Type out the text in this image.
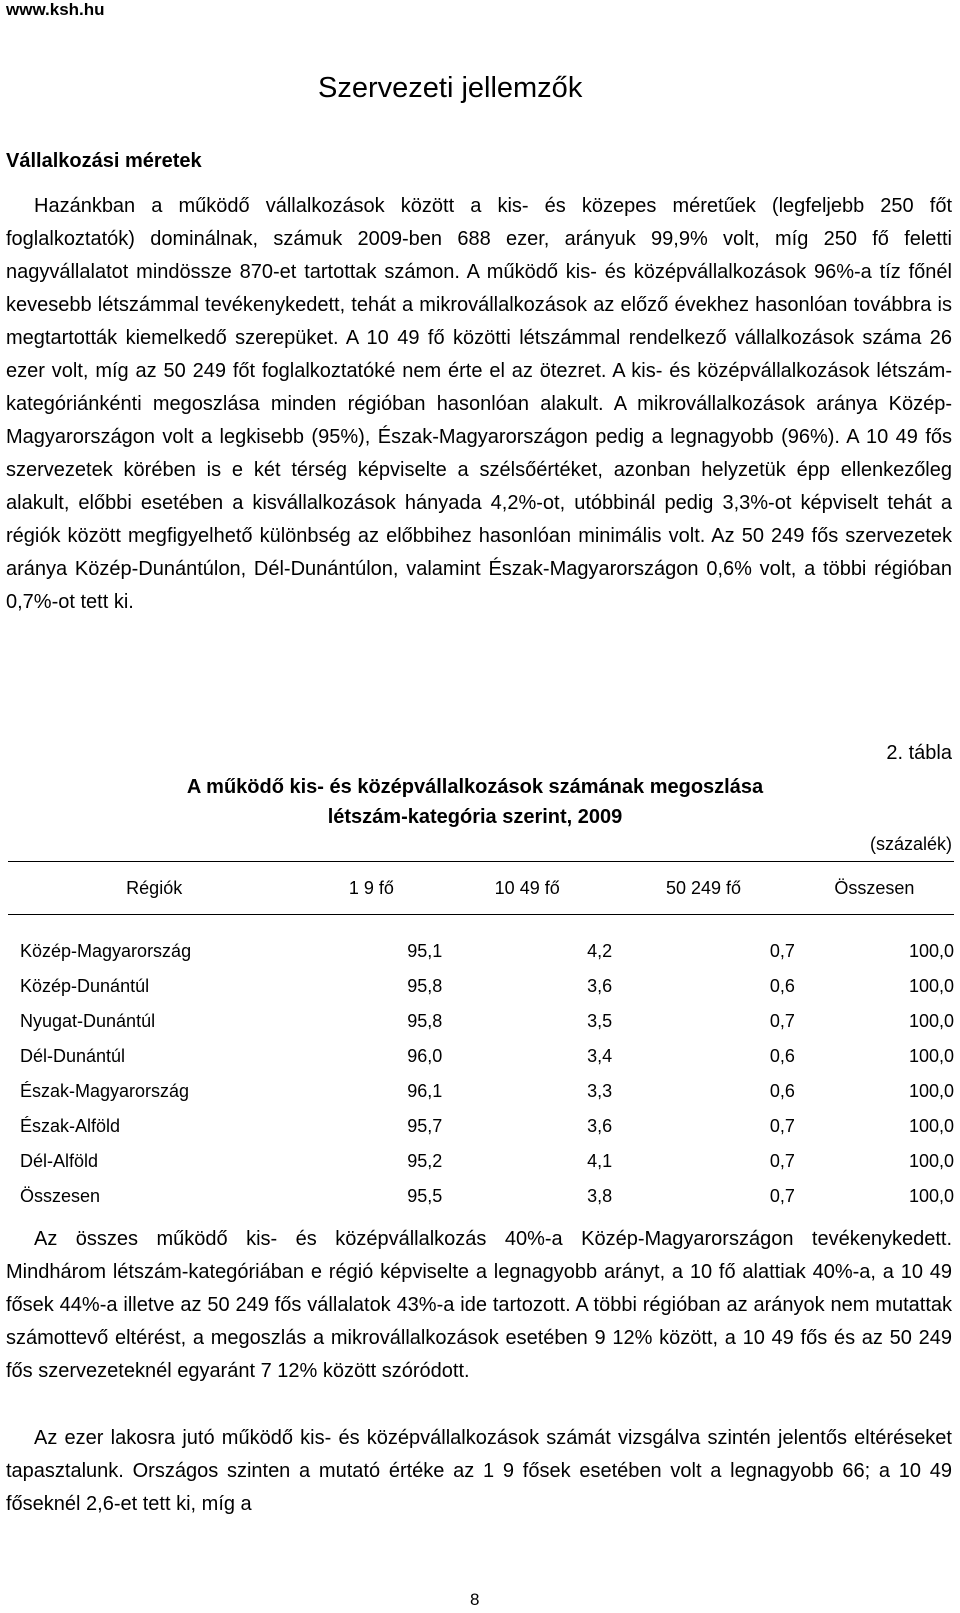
www.ksh.hu
Szervezeti jellemzők
Vállalkozási méretek

Hazánkban a működő vállalkozások között a kis- és közepes méretűek (legfeljebb 250 főt foglalkoztatók) dominálnak, számuk 2009-ben 688 ezer, arányuk 99,9% volt, míg 250 fő feletti nagyvállalatot mindössze 870-et tartottak számon. A működő kis- és középvállalkozások 96%-a tíz főnél kevesebb létszámmal tevékenykedett, tehát a mikrovállalkozások az előző évekhez hasonlóan továbbra is megtartották kiemelkedő szerepüket. A 10 49 fő közötti létszámmal rendelkező vállalkozások száma 26 ezer volt, míg az 50 249 főt foglalkoztatóké nem érte el az ötezret. A kis- és középvállalkozások létszám-kategóriánkénti megoszlása minden régióban hasonlóan alakult. A mikrovállalkozások aránya Közép-Magyarországon volt a legkisebb (95%), Észak-Magyarországon pedig a legnagyobb (96%). A 10 49 fős szervezetek körében is e két térség képviselte a szélsőértéket, azonban helyzetük épp ellenkezőleg alakult, előbbi esetében a kisvállalkozások hányada 4,2%-ot, utóbbinál pedig 3,3%-ot képviselt tehát a régiók között megfigyelhető különbség az előbbihez hasonlóan minimális volt. Az 50 249 fős szervezetek aránya Közép-Dunántúlon, Dél-Dunántúlon, valamint Észak-Magyarországon 0,6% volt, a többi régióban 0,7%-ot tett ki.

2. tábla
A működő kis- és középvállalkozások számának megoszlása
létszám-kategória szerint, 2009
(százalék)
Régiók	1 9 fő	10 49 fő	50 249 fő	Összesen
Közép-Magyarország	95,1	4,2	0,7	100,0
Közép-Dunántúl	95,8	3,6	0,6	100,0
Nyugat-Dunántúl	95,8	3,5	0,7	100,0
Dél-Dunántúl	96,0	3,4	0,6	100,0
Észak-Magyarország	96,1	3,3	0,6	100,0
Észak-Alföld	95,7	3,6	0,7	100,0
Dél-Alföld	95,2	4,1	0,7	100,0
Összesen	95,5	3,8	0,7	100,0

Az összes működő kis- és középvállalkozás 40%-a Közép-Magyarországon tevékenykedett. Mindhárom létszám-kategóriában e régió képviselte a legnagyobb arányt, a 10 fő alattiak 40%-a, a 10 49 fősek 44%-a illetve az 50 249 fős vállalatok 43%-a ide tartozott. A többi régióban az arányok nem mutattak számottevő eltérést, a megoszlás a mikrovállalkozások esetében 9 12% között, a 10 49 fős és az 50 249 fős szervezeteknél egyaránt 7 12% között szóródott.

Az ezer lakosra jutó működő kis- és középvállalkozások számát vizsgálva szintén jelentős eltéréseket tapasztalunk. Országos szinten a mutató értéke az 1 9 fősek esetében volt a legnagyobb 66; a 10 49 főseknél 2,6-et tett ki, míg a

8
